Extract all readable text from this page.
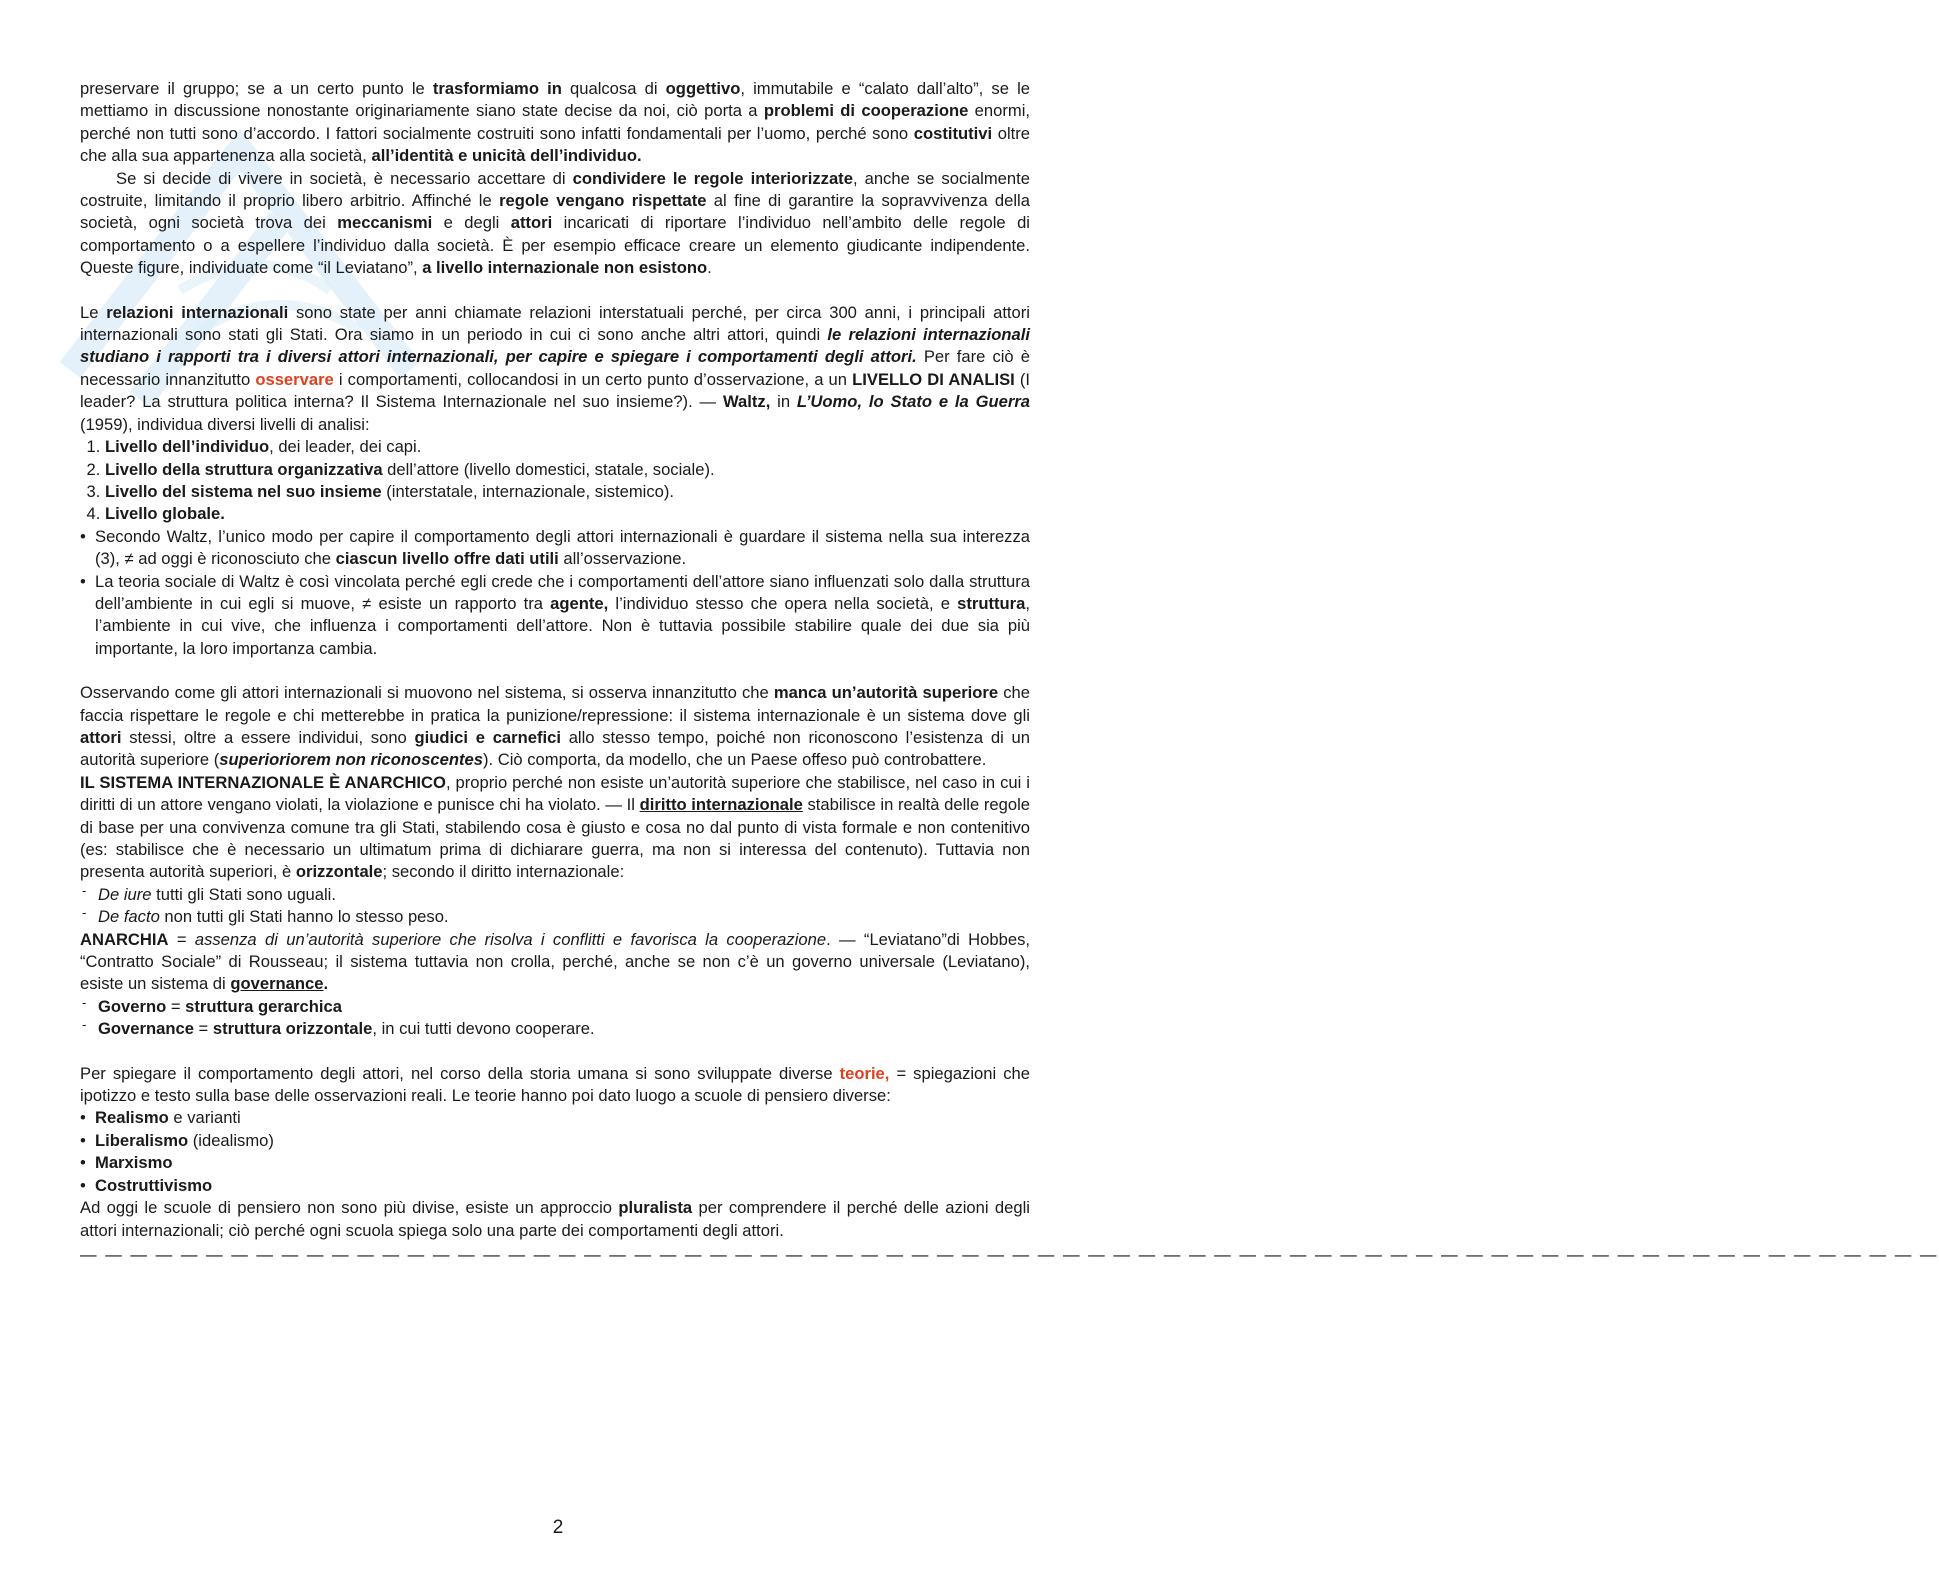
preservare il gruppo; se a un certo punto le trasformiamo in qualcosa di oggettivo, immutabile e “calato dall’alto”, se le mettiamo in discussione nonostante originariamente siano state decise da noi, ciò porta a problemi di cooperazione enormi, perché non tutti sono d’accordo. I fattori socialmente costruiti sono infatti fondamentali per l’uomo, perché sono costitutivi oltre che alla sua appartenenza alla società, all’identità e unicità dell’individuo.

Se si decide di vivere in società, è necessario accettare di condividere le regole interiorizzate, anche se socialmente costruite, limitando il proprio libero arbitrio. Affinché le regole vengano rispettate al fine di garantire la sopravvivenza della società, ogni società trova dei meccanismi e degli attori incaricati di riportare l’individuo nell’ambito delle regole di comportamento o a espellere l’individuo dalla società. È per esempio efficace creare un elemento giudicante indipendente. Queste figure, individuate come “il Leviatano”, a livello internazionale non esistono.

Le relazioni internazionali sono state per anni chiamate relazioni interstatuali perché, per circa 300 anni, i principali attori internazionali sono stati gli Stati. Ora siamo in un periodo in cui ci sono anche altri attori, quindi le relazioni internazionali studiano i rapporti tra i diversi attori internazionali, per capire e spiegare i comportamenti degli attori. Per fare ciò è necessario innanzitutto osservare i comportamenti, collocandosi in un certo punto d’osservazione, a un LIVELLO DI ANALISI (I leader? La struttura politica interna? Il Sistema Internazionale nel suo insieme?). — Waltz, in L’Uomo, lo Stato e la Guerra (1959), individua diversi livelli di analisi:

1. Livello dell’individuo, dei leader, dei capi.
2. Livello della struttura organizzativa dell’attore (livello domestici, statale, sociale).
3. Livello del sistema nel suo insieme (interstatale, internazionale, sistemico).
4. Livello globale.
• Secondo Waltz, l’unico modo per capire il comportamento degli attori internazionali è guardare il sistema nella sua interezza (3), ≠ ad oggi è riconosciuto che ciascun livello offre dati utili all’osservazione.
• La teoria sociale di Waltz è così vincolata perché egli crede che i comportamenti dell’attore siano influenzati solo dalla struttura dell’ambiente in cui egli si muove, ≠ esiste un rapporto tra agente, l’individuo stesso che opera nella società, e struttura, l’ambiente in cui vive, che influenza i comportamenti dell’attore. Non è tuttavia possibile stabilire quale dei due sia più importante, la loro importanza cambia.

Osservando come gli attori internazionali si muovono nel sistema, si osserva innanzitutto che manca un’autorità superiore che faccia rispettare le regole e chi metterebbe in pratica la punizione/repressione: il sistema internazionale è un sistema dove gli attori stessi, oltre a essere individui, sono giudici e carnefici allo stesso tempo, poiché non riconoscono l’esistenza di un autorità superiore (superioriorem non riconoscentes). Ciò comporta, da modello, che un Paese offeso può controbattere.

IL SISTEMA INTERNAZIONALE È ANARCHICO, proprio perché non esiste un’autorità superiore che stabilisce, nel caso in cui i diritti di un attore vengano violati, la violazione e punisce chi ha violato. — Il diritto internazionale stabilisce in realtà delle regole di base per una convivenza comune tra gli Stati, stabilendo cosa è giusto e cosa no dal punto di vista formale e non contenitivo (es: stabilisce che è necessario un ultimatum prima di dichiarare guerra, ma non si interessa del contenuto). Tuttavia non presenta autorità superiori, è orizzontale; secondo il diritto internazionale:

- De iure tutti gli Stati sono uguali.
- De facto non tutti gli Stati hanno lo stesso peso.

ANARCHIA = assenza di un’autorità superiore che risolva i conflitti e favorisca la cooperazione. — “Leviatano”di Hobbes, “Contratto Sociale” di Rousseau; il sistema tuttavia non crolla, perché, anche se non c’è un governo universale (Leviatano), esiste un sistema di governance.

- Governo = struttura gerarchica
- Governance = struttura orizzontale, in cui tutti devono cooperare.

Per spiegare il comportamento degli attori, nel corso della storia umana si sono sviluppate diverse teorie, = spiegazioni che ipotizzo e testo sulla base delle osservazioni reali. Le teorie hanno poi dato luogo a scuole di pensiero diverse:

• Realismo e varianti
• Liberalismo (idealismo)
• Marxismo
• Costruttivismo

Ad oggi le scuole di pensiero non sono più divise, esiste un approccio pluralista per comprendere il perché delle azioni degli attori internazionali; ciò perché ogni scuola spiega solo una parte dei comportamenti degli attori.

— — — — — — — — — — — — — — — — — — — — — — — — — — — — — — — — — — — — — — — — — — — — — — — — — — — — — — — — — — — — — — — — — — — — — — — — — —
2
